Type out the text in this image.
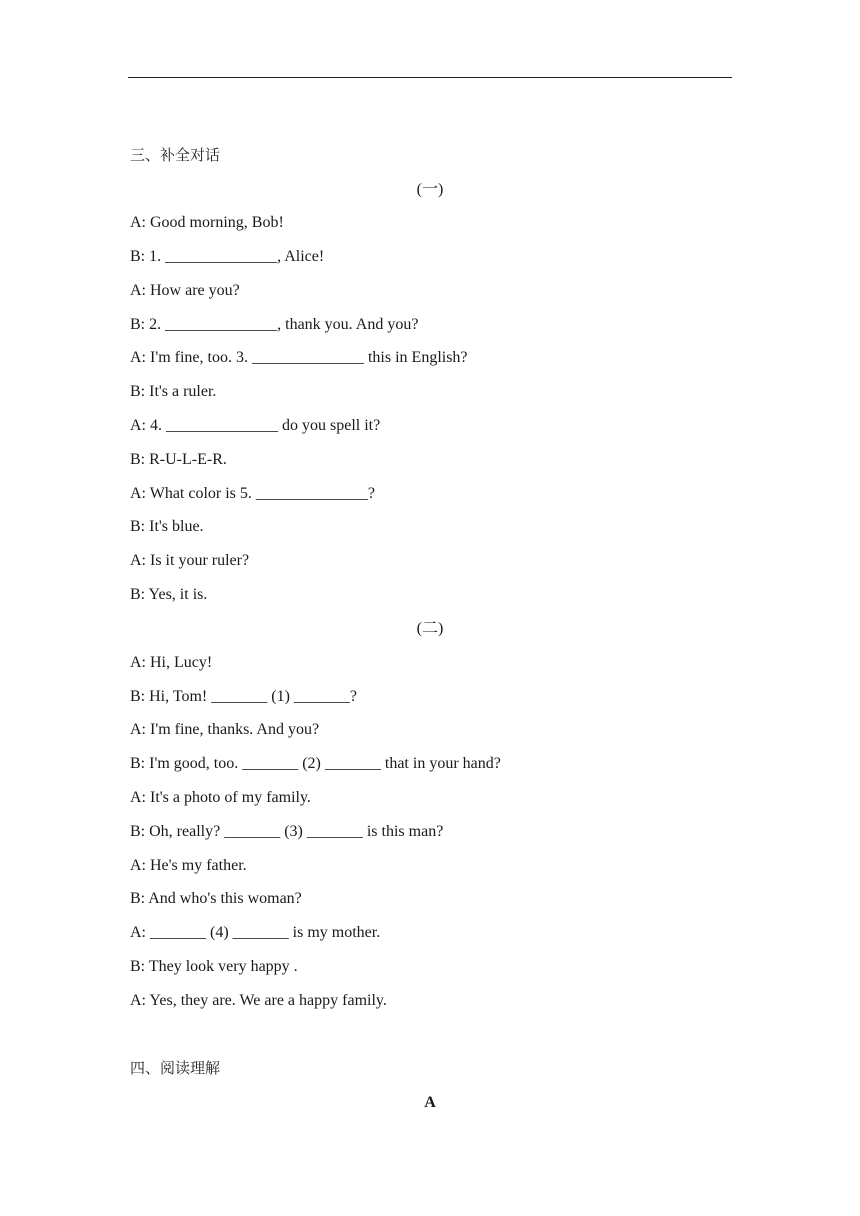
三、补全对话
(一)
A: Good morning, Bob!
B: 1. ______________, Alice!
A: How are you?
B: 2. ______________, thank you. And you?
A: I'm fine, too. 3. ______________ this in English?
B: It's a ruler.
A: 4. ______________ do you spell it?
B: R-U-L-E-R.
A: What color is 5. ______________?
B: It's blue.
A: Is it your ruler?
B: Yes, it is.
(二)
A: Hi, Lucy!
B: Hi, Tom! _______ (1) _______?
A: I'm fine, thanks. And you?
B: I'm good, too. _______ (2) _______ that in your hand?
A: It's a photo of my family.
B: Oh, really? _______ (3) _______ is this man?
A: He's my father.
B: And who's this woman?
A: _______ (4) _______ is my mother.
B: They look very happy .
A: Yes, they are. We are a happy family.
四、阅读理解
A
